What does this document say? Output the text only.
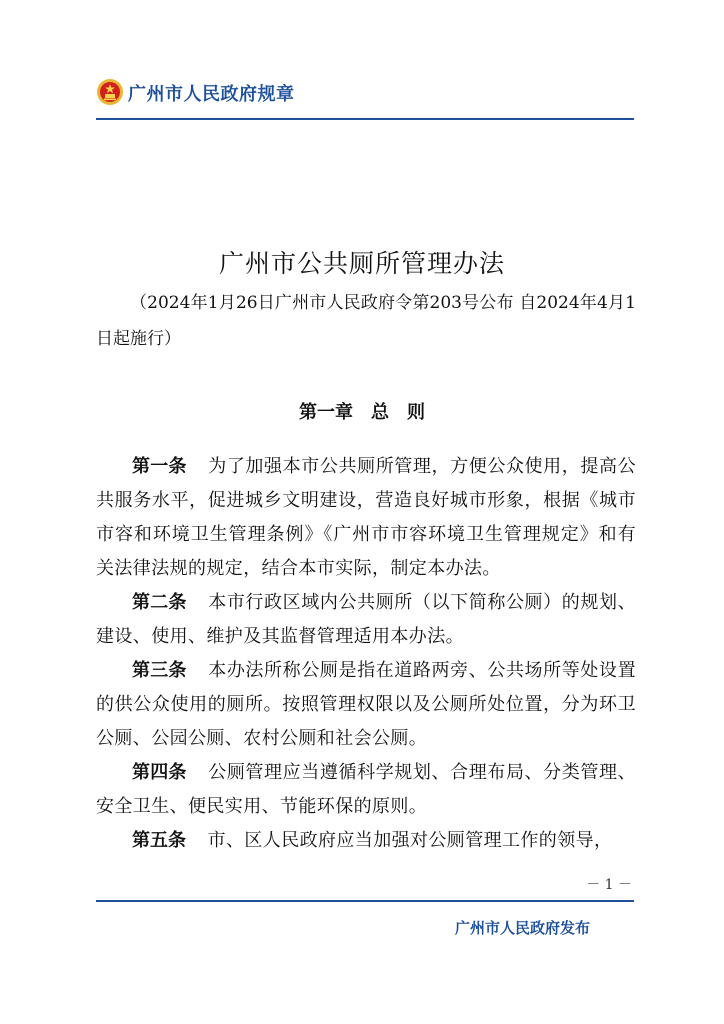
广州市人民政府规章
广州市公共厕所管理办法
（2024年1月26日广州市人民政府令第203号公布 自2024年4月1日起施行）
第一章　总　则

第一条 为了加强本市公共厕所管理，方便公众使用，提高公共服务水平，促进城乡文明建设，营造良好城市形象，根据《城市市容和环境卫生管理条例》《广州市市容环境卫生管理规定》和有关法律法规的规定，结合本市实际，制定本办法。

第二条 本市行政区域内公共厕所（以下简称公厕）的规划、建设、使用、维护及其监督管理适用本办法。

第三条 本办法所称公厕是指在道路两旁、公共场所等处设置的供公众使用的厕所。按照管理权限以及公厕所处位置，分为环卫公厕、公园公厕、农村公厕和社会公厕。

第四条 公厕管理应当遵循科学规划、合理布局、分类管理、安全卫生、便民实用、节能环保的原则。

第五条 市、区人民政府应当加强对公厕管理工作的领导，

－ 1 －
广州市人民政府发布
